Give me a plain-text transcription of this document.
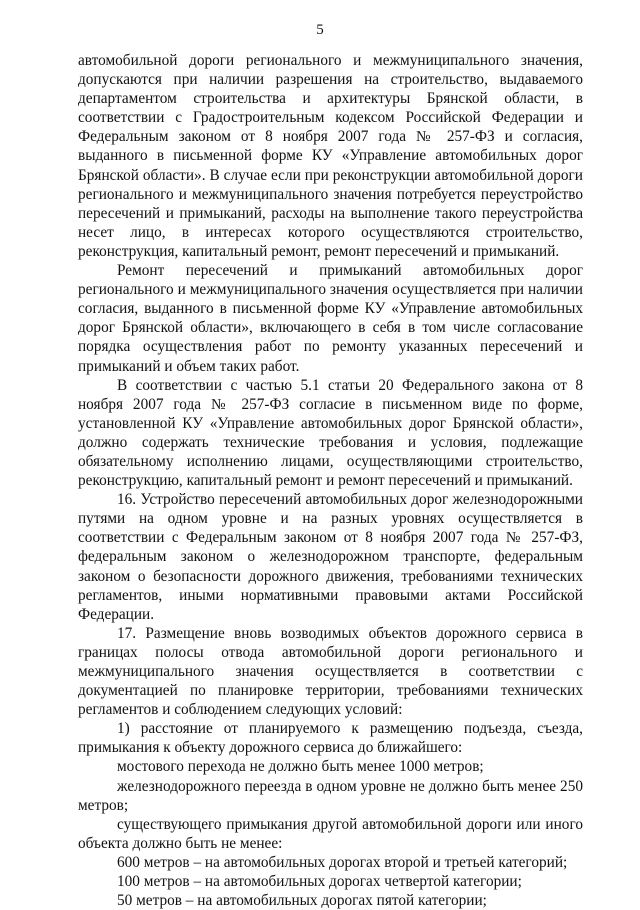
5

автомобильной дороги регионального и межмуниципального значения, допускаются при наличии разрешения на строительство, выдаваемого департаментом строительства и архитектуры Брянской области, в соответствии с Градостроительным кодексом Российской Федерации и Федеральным законом от 8 ноября 2007 года № 257-ФЗ и согласия, выданного в письменной форме КУ «Управление автомобильных дорог Брянской области». В случае если при реконструкции автомобильной дороги регионального и межмуниципального значения потребуется переустройство пересечений и примыканий, расходы на выполнение такого переустройства несет лицо, в интересах которого осуществляются строительство, реконструкция, капитальный ремонт, ремонт пересечений и примыканий.

Ремонт пересечений и примыканий автомобильных дорог регионального и межмуниципального значения осуществляется при наличии согласия, выданного в письменной форме КУ «Управление автомобильных дорог Брянской области», включающего в себя в том числе согласование порядка осуществления работ по ремонту указанных пересечений и примыканий и объем таких работ.

В соответствии с частью 5.1 статьи 20 Федерального закона от 8 ноября 2007 года № 257-ФЗ согласие в письменном виде по форме, установленной КУ «Управление автомобильных дорог Брянской области», должно содержать технические требования и условия, подлежащие обязательному исполнению лицами, осуществляющими строительство, реконструкцию, капитальный ремонт и ремонт пересечений и примыканий.

16. Устройство пересечений автомобильных дорог железнодорожными путями на одном уровне и на разных уровнях осуществляется в соответствии с Федеральным законом от 8 ноября 2007 года № 257-ФЗ, федеральным законом о железнодорожном транспорте, федеральным законом о безопасности дорожного движения, требованиями технических регламентов, иными нормативными правовыми актами Российской Федерации.

17. Размещение вновь возводимых объектов дорожного сервиса в границах полосы отвода автомобильной дороги регионального и межмуниципального значения осуществляется в соответствии с документацией по планировке территории, требованиями технических регламентов и соблюдением следующих условий:

1) расстояние от планируемого к размещению подъезда, съезда, примыкания к объекту дорожного сервиса до ближайшего:

мостового перехода не должно быть менее 1000 метров;

железнодорожного переезда в одном уровне не должно быть менее 250 метров;

существующего примыкания другой автомобильной дороги или иного объекта должно быть не менее:

600 метров – на автомобильных дорогах второй и третьей категорий;

100 метров – на автомобильных дорогах четвертой категории;

50 метров – на автомобильных дорогах пятой категории;
